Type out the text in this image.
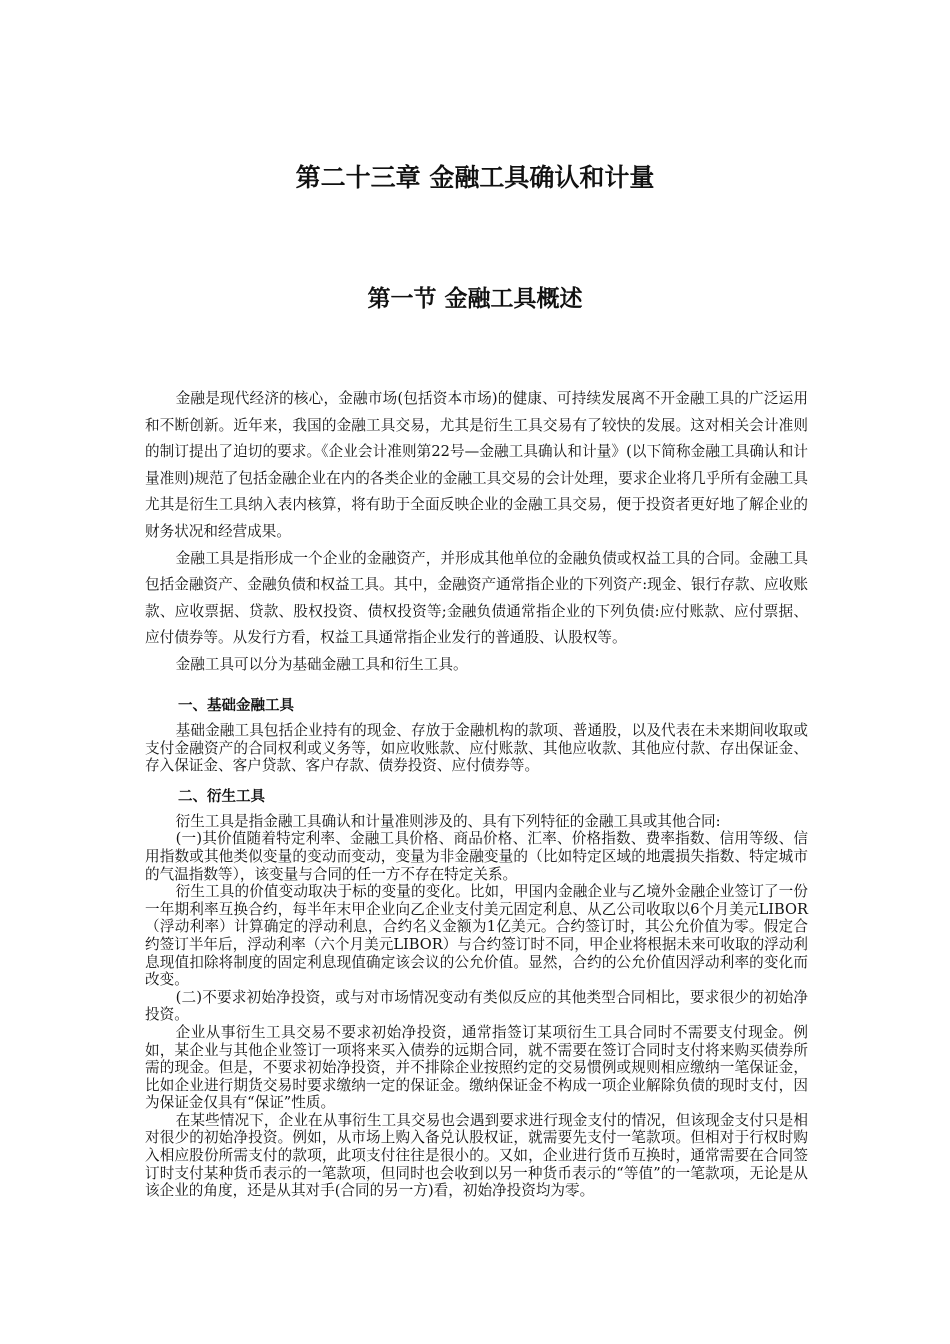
第二十三章 金融工具确认和计量
第一节 金融工具概述

金融是现代经济的核心，金融市场(包括资本市场)的健康、可持续发展离不开金融工具的广泛运用和不断创新。近年来，我国的金融工具交易，尤其是衍生工具交易有了较快的发展。这对相关会计准则的制订提出了迫切的要求。《企业会计准则第22号—金融工具确认和计量》(以下简称金融工具确认和计量准则)规范了包括金融企业在内的各类企业的金融工具交易的会计处理，要求企业将几乎所有金融工具尤其是衍生工具纳入表内核算，将有助于全面反映企业的金融工具交易，便于投资者更好地了解企业的财务状况和经营成果。

金融工具是指形成一个企业的金融资产，并形成其他单位的金融负债或权益工具的合同。金融工具包括金融资产、金融负债和权益工具。其中，金融资产通常指企业的下列资产:现金、银行存款、应收账款、应收票据、贷款、股权投资、债权投资等;金融负债通常指企业的下列负债:应付账款、应付票据、应付债券等。从发行方看，权益工具通常指企业发行的普通股、认股权等。

金融工具可以分为基础金融工具和衍生工具。

一、基础金融工具

基础金融工具包括企业持有的现金、存放于金融机构的款项、普通股，以及代表在未来期间收取或支付金融资产的合同权利或义务等，如应收账款、应付账款、其他应收款、其他应付款、存出保证金、存入保证金、客户贷款、客户存款、债券投资、应付债券等。

二、衍生工具

衍生工具是指金融工具确认和计量准则涉及的、具有下列特征的金融工具或其他合同:

(一)其价值随着特定利率、金融工具价格、商品价格、汇率、价格指数、费率指数、信用等级、信用指数或其他类似变量的变动而变动，变量为非金融变量的（比如特定区域的地震损失指数、特定城市的气温指数等），该变量与合同的任一方不存在特定关系。

衍生工具的价值变动取决于标的变量的变化。比如，甲国内金融企业与乙境外金融企业签订了一份一年期利率互换合约，每半年末甲企业向乙企业支付美元固定利息、从乙公司收取以6个月美元LIBOR（浮动利率）计算确定的浮动利息，合约名义金额为1亿美元。合约签订时，其公允价值为零。假定合约签订半年后，浮动利率（六个月美元LIBOR）与合约签订时不同，甲企业将根据未来可收取的浮动利息现值扣除将制度的固定利息现值确定该会议的公允价值。显然，合约的公允价值因浮动利率的变化而改变。

(二)不要求初始净投资，或与对市场情况变动有类似反应的其他类型合同相比，要求很少的初始净投资。

企业从事衍生工具交易不要求初始净投资，通常指签订某项衍生工具合同时不需要支付现金。例如，某企业与其他企业签订一项将来买入债券的远期合同，就不需要在签订合同时支付将来购买债券所需的现金。但是，不要求初始净投资，并不排除企业按照约定的交易惯例或规则相应缴纳一笔保证金，比如企业进行期货交易时要求缴纳一定的保证金。缴纳保证金不构成一项企业解除负债的现时支付，因为保证金仅具有“保证”性质。

在某些情况下，企业在从事衍生工具交易也会遇到要求进行现金支付的情况，但该现金支付只是相对很少的初始净投资。例如，从市场上购入备兑认股权证，就需要先支付一笔款项。但相对于行权时购入相应股份所需支付的款项，此项支付往往是很小的。又如，企业进行货币互换时，通常需要在合同签订时支付某种货币表示的一笔款项，但同时也会收到以另一种货币表示的“等值”的一笔款项，无论是从该企业的角度，还是从其对手(合同的另一方)看，初始净投资均为零。
